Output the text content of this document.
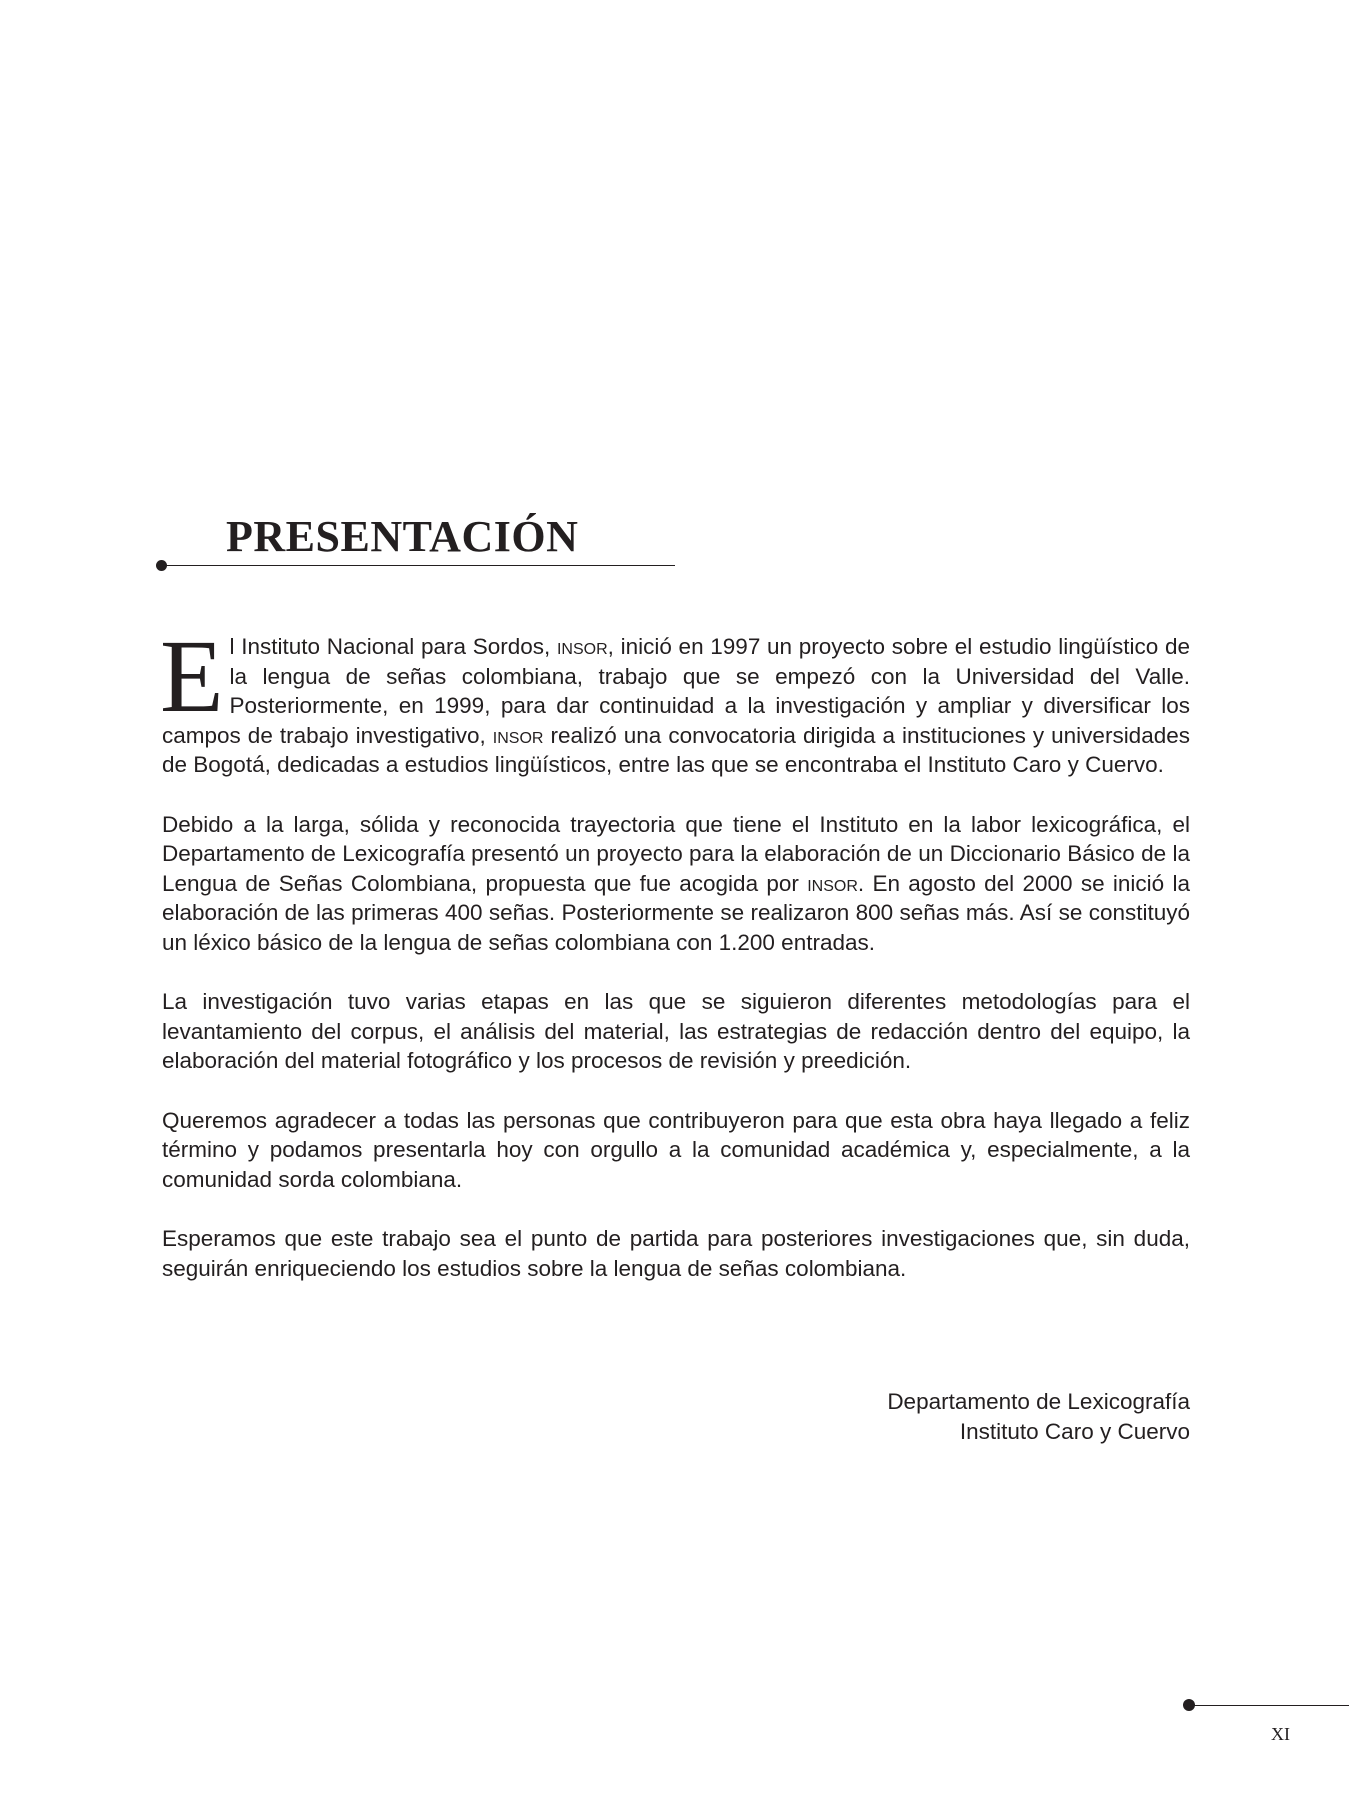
PRESENTACIÓN

El Instituto Nacional para Sordos, insor, inició en 1997 un proyecto sobre el estudio lingüístico de la lengua de señas colombiana, trabajo que se empezó con la Universidad del Valle. Posteriormente, en 1999, para dar continuidad a la investigación y ampliar y diversificar los campos de trabajo investigativo, insor realizó una convocatoria dirigida a instituciones y universidades de Bogotá, dedicadas a estudios lingüísticos, entre las que se encontraba el Instituto Caro y Cuervo.

Debido a la larga, sólida y reconocida trayectoria que tiene el Instituto en la labor lexicográfica, el Departamento de Lexicografía presentó un proyecto para la elaboración de un Diccionario Básico de la Lengua de Señas Colombiana, propuesta que fue acogida por insor. En agosto del 2000 se inició la elaboración de las primeras 400 señas. Posteriormente se realizaron 800 señas más. Así se constituyó un léxico básico de la lengua de señas colombiana con 1.200 entradas.

La investigación tuvo varias etapas en las que se siguieron diferentes metodologías para el levantamiento del corpus, el análisis del material, las estrategias de redacción dentro del equipo, la elaboración del material fotográfico y los procesos de revisión y preedición.

Queremos agradecer a todas las personas que contribuyeron para que esta obra haya llegado a feliz término y podamos presentarla hoy con orgullo a la comunidad académica y, especialmente, a la comunidad sorda colombiana.

Esperamos que este trabajo sea el punto de partida para posteriores investigaciones que, sin duda, seguirán enriqueciendo los estudios sobre la lengua de señas colombiana.

Departamento de Lexicografía
Instituto Caro y Cuervo
XI
